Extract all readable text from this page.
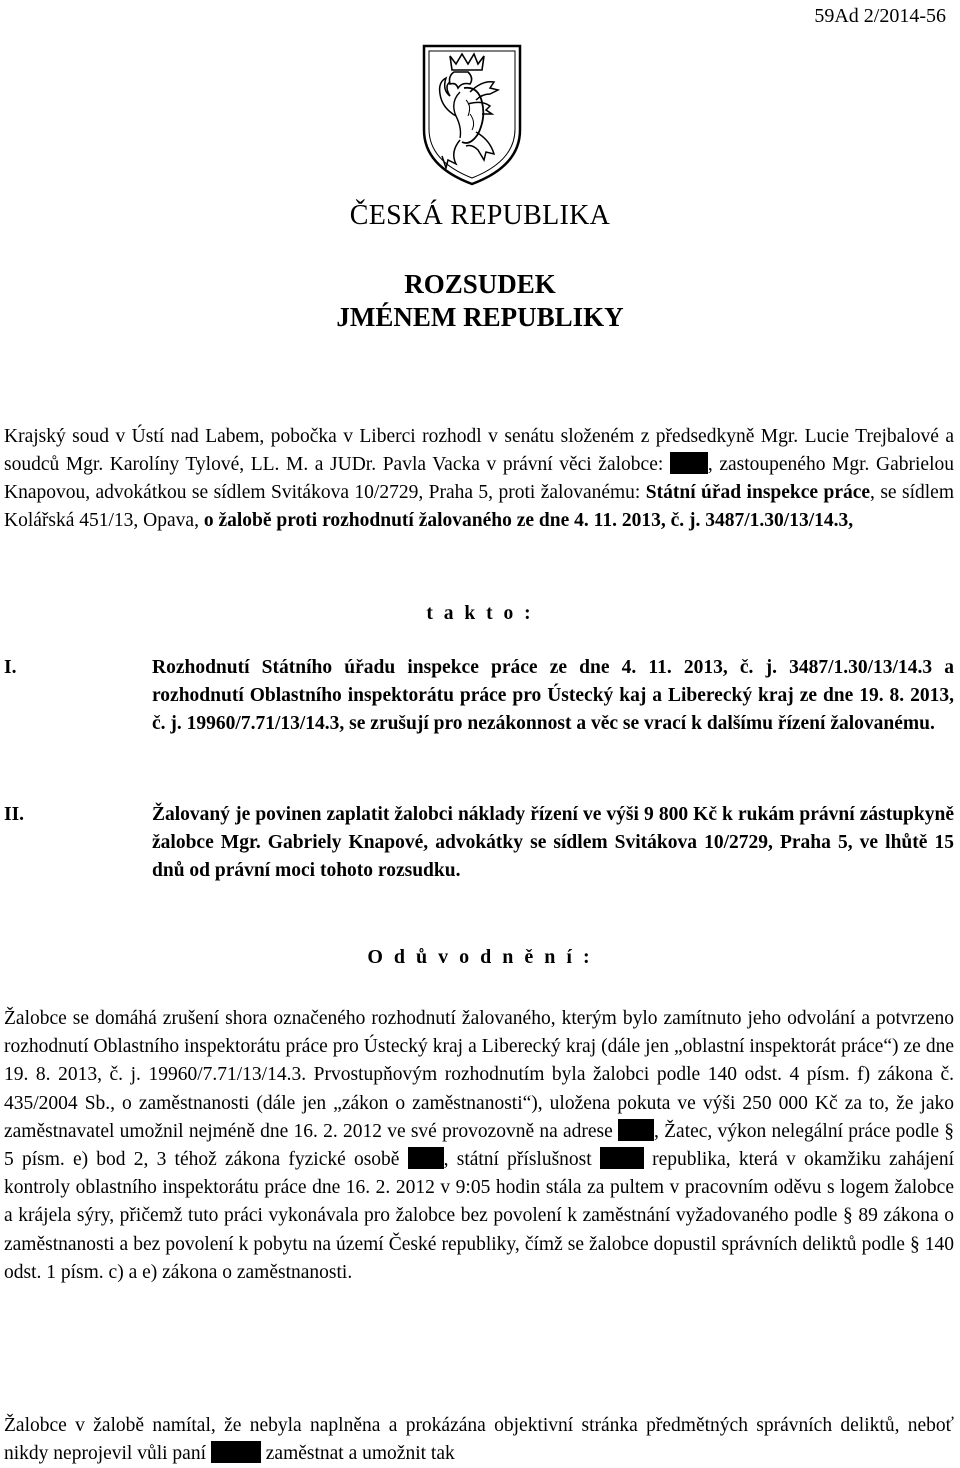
59Ad 2/2014-56
ČESKÁ REPUBLIKA
ROZSUDEK
JMÉNEM REPUBLIKY

Krajský soud v Ústí nad Labem, pobočka v Liberci rozhodl v senátu složeném z předsedkyně Mgr. Lucie Trejbalové a soudců Mgr. Karolíny Tylové, LL. M. a JUDr. Pavla Vacka v právní věci žalobce: , zastoupeného Mgr. Gabrielou Knapovou, advokátkou se sídlem Svitákova 10/2729, Praha 5, proti žalovanému: Státní úřad inspekce práce, se sídlem Kolářská 451/13, Opava, o žalobě proti rozhodnutí žalovaného ze dne 4. 11. 2013, č. j. 3487/1.30/13/14.3,

t a k t o :
I.	Rozhodnutí Státního úřadu inspekce práce ze dne 4. 11. 2013, č. j. 3487/1.30/13/14.3 a rozhodnutí Oblastního inspektorátu práce pro Ústecký kaj a Liberecký kraj ze dne 19. 8. 2013, č. j. 19960/7.71/13/14.3, se zrušují pro nezákonnost a věc se vrací k dalšímu řízení žalovanému.
II.	Žalovaný je povinen zaplatit žalobci náklady řízení ve výši 9 800 Kč k rukám právní zástupkyně žalobce Mgr. Gabriely Knapové, advokátky se sídlem Svitákova 10/2729, Praha 5, ve lhůtě 15 dnů od právní moci tohoto rozsudku.
O d ů v o d n ě n í :

Žalobce se domáhá zrušení shora označeného rozhodnutí žalovaného, kterým bylo zamítnuto jeho odvolání a potvrzeno rozhodnutí Oblastního inspektorátu práce pro Ústecký kraj a Liberecký kraj (dále jen „oblastní inspektorát práce“) ze dne 19. 8. 2013, č. j. 19960/7.71/13/14.3. Prvostupňovým rozhodnutím byla žalobci podle 140 odst. 4 písm. f) zákona č. 435/2004 Sb., o zaměstnanosti (dále jen „zákon o zaměstnanosti“), uložena pokuta ve výši 250 000 Kč za to, že jako zaměstnavatel umožnil nejméně dne 16. 2. 2012 ve své provozovně na adrese , Žatec, výkon nelegální práce podle § 5 písm. e) bod 2, 3 téhož zákona fyzické osobě , státní příslušnost  republika, která v okamžiku zahájení kontroly oblastního inspektorátu práce dne 16. 2. 2012 v 9:05 hodin stála za pultem v pracovním oděvu s logem žalobce a krájela sýry, přičemž tuto práci vykonávala pro žalobce bez povolení k zaměstnání vyžadovaného podle § 89 zákona o zaměstnanosti a bez povolení k pobytu na území České republiky, čímž se žalobce dopustil správních deliktů podle § 140 odst. 1 písm. c) a e) zákona o zaměstnanosti.

Žalobce v žalobě namítal, že nebyla naplněna a prokázána objektivní stránka předmětných správních deliktů, neboť nikdy neprojevil vůli paní	zaměstnat a umožnit tak
